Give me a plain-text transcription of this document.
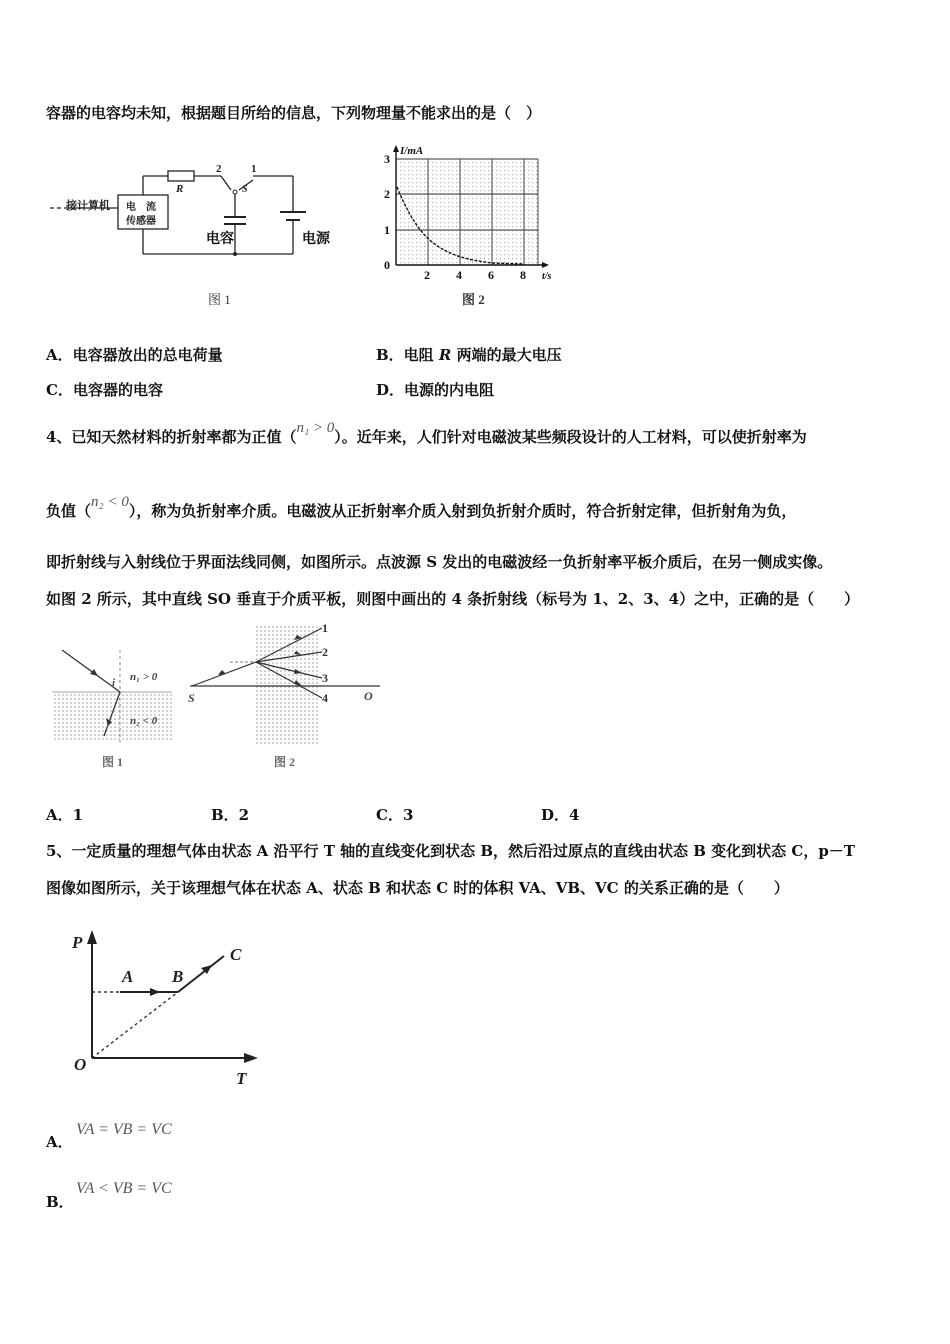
容器的电容均未知，根据题目所给的信息，下列物理量不能求出的是（　）
接计算机 电　流
传感器
R
2	1
S
电容	电源
图 1
I/mA
t/s
3
2
1
0
2 4 6 8
图 2
A．电容器放出的总电荷量	B．电阻 R 两端的最大电压
C．电容器的电容	D．电源的内电阻
4、已知天然材料的折射率都为正值（n₁ > 0）。近年来，人们针对电磁波某些频段设计的人工材料，可以使折射率为
负值（n₂ < 0），称为负折射率介质。电磁波从正折射率介质入射到负折射介质时，符合折射定律，但折射角为负，
即折射线与入射线位于界面法线同侧，如图所示。点波源 S 发出的电磁波经一负折射率平板介质后，在另一侧成实像。
如图 2 所示，其中直线 SO 垂直于介质平板，则图中画出的 4 条折射线（标号为 1、2、3、4）之中，正确的是（　　）
i n₁ > 0
n₂ < 0
图 1
S	O
1
2
3
4
图 2
A．1	B．2	C．3	D．4
5、一定质量的理想气体由状态 A 沿平行 T 轴的直线变化到状态 B，然后沿过原点的直线由状态 B 变化到状态 C，p－T
图像如图所示，关于该理想气体在状态 A、状态 B 和状态 C 时的体积 VA、VB、VC 的关系正确的是（　　）
P
T
O
A B
C
A．
VA = VB = VC
B．
VA < VB = VC
